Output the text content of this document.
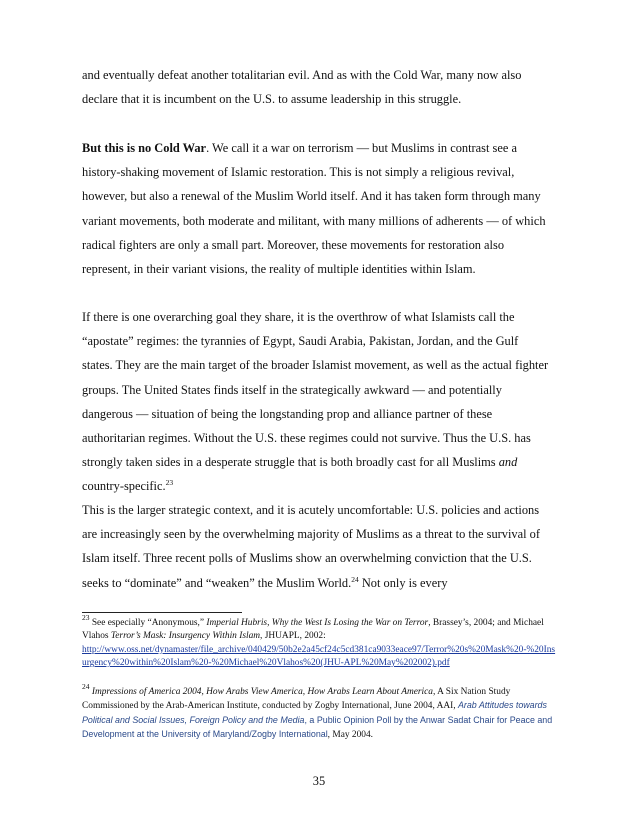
and eventually defeat another totalitarian evil. And as with the Cold War, many now also declare that it is incumbent on the U.S. to assume leadership in this struggle.

But this is no Cold War. We call it a war on terrorism ― but Muslims in contrast see a history-shaking movement of Islamic restoration. This is not simply a religious revival, however, but also a renewal of the Muslim World itself. And it has taken form through many variant movements, both moderate and militant, with many millions of adherents ― of which radical fighters are only a small part. Moreover, these movements for restoration also represent, in their variant visions, the reality of multiple identities within Islam.

If there is one overarching goal they share, it is the overthrow of what Islamists call the “apostate” regimes: the tyrannies of Egypt, Saudi Arabia, Pakistan, Jordan, and the Gulf states. They are the main target of the broader Islamist movement, as well as the actual fighter groups. The United States finds itself in the strategically awkward — and potentially dangerous — situation of being the longstanding prop and alliance partner of these authoritarian regimes. Without the U.S. these regimes could not survive. Thus the U.S. has strongly taken sides in a desperate struggle that is both broadly cast for all Muslims and country-specific.$^{23}$

This is the larger strategic context, and it is acutely uncomfortable: U.S. policies and actions are increasingly seen by the overwhelming majority of Muslims as a threat to the survival of Islam itself. Three recent polls of Muslims show an overwhelming conviction that the U.S. seeks to “dominate” and “weaken” the Muslim World.$^{24}$ Not only is every

$^{23}$ See especially “Anonymous,” Imperial Hubris, Why the West Is Losing the War on Terror, Brassey’s, 2004; and Michael Vlahos Terror’s Mask: Insurgency Within Islam, JHUAPL, 2002:
http://www.oss.net/dynamaster/file_archive/040429/50b2e2a45cf24c5cd381ca9033eace97/Terror%20s%20Mask%20-%20Insurgency%20within%20Islam%20-%20Michael%20Vlahos%20(JHU-APL%20May%202002).pdf
$^{24}$ Impressions of America 2004, How Arabs View America, How Arabs Learn About America, A Six Nation Study Commissioned by the Arab-American Institute, conducted by Zogby International, June 2004, AAI, Arab Attitudes towards Political and Social Issues, Foreign Policy and the Media, a Public Opinion Poll by the Anwar Sadat Chair for Peace and Development at the University of Maryland/Zogby International, May 2004.
35
